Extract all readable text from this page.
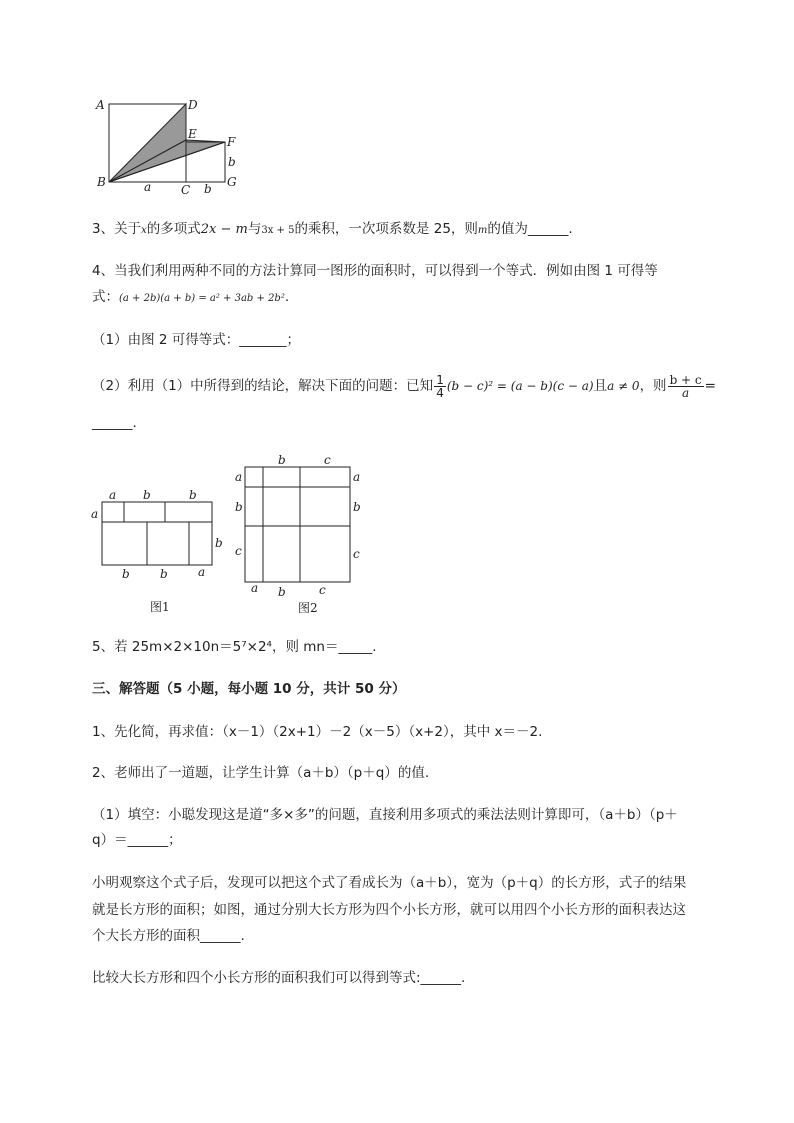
A	D
E
F
B
C
G
a	b
b
3、关于x的多项式2x − m与3x + 5的乘积，一次项系数是 25，则m的值为______.
4、当我们利用两种不同的方法计算同一图形的面积时，可以得到一个等式．例如由图 1 可得等
式：(a + 2b)(a + b) = a² + 3ab + 2b².
（1）由图 2 可得等式：_______；
（2）利用（1）中所得到的结论，解决下面的问题：已知 $\frac{1}{4} (b - c)^2 = (a - b)(c - a)$且a ≠ 0，则 $\frac{b + c}{a}$ =
______.
a b	b
a
b
b	b	a
图1
b	c
a
b
c
a
b
c
a b	c
图2
5、若 25m×2×10n＝5⁷×2⁴，则 mn＝_____.
三、解答题（5 小题，每小题 10 分，共计 50 分）
1、先化简，再求值：（x－1）（2x+1）－2（x－5）（x+2），其中 x＝－2.
2、老师出了一道题，让学生计算（a＋b）（p＋q）的值.
（1）填空：小聪发现这是道“多×多”的问题，直接利用多项式的乘法法则计算即可，（a＋b）（p＋
q）＝______；
小明观察这个式子后，发现可以把这个式了看成长为（a＋b），宽为（p＋q）的长方形，式子的结果
就是长方形的面积；如图，通过分别大长方形为四个小长方形，就可以用四个小长方形的面积表达这
个大长方形的面积______.
比较大长方形和四个小长方形的面积我们可以得到等式:______.
